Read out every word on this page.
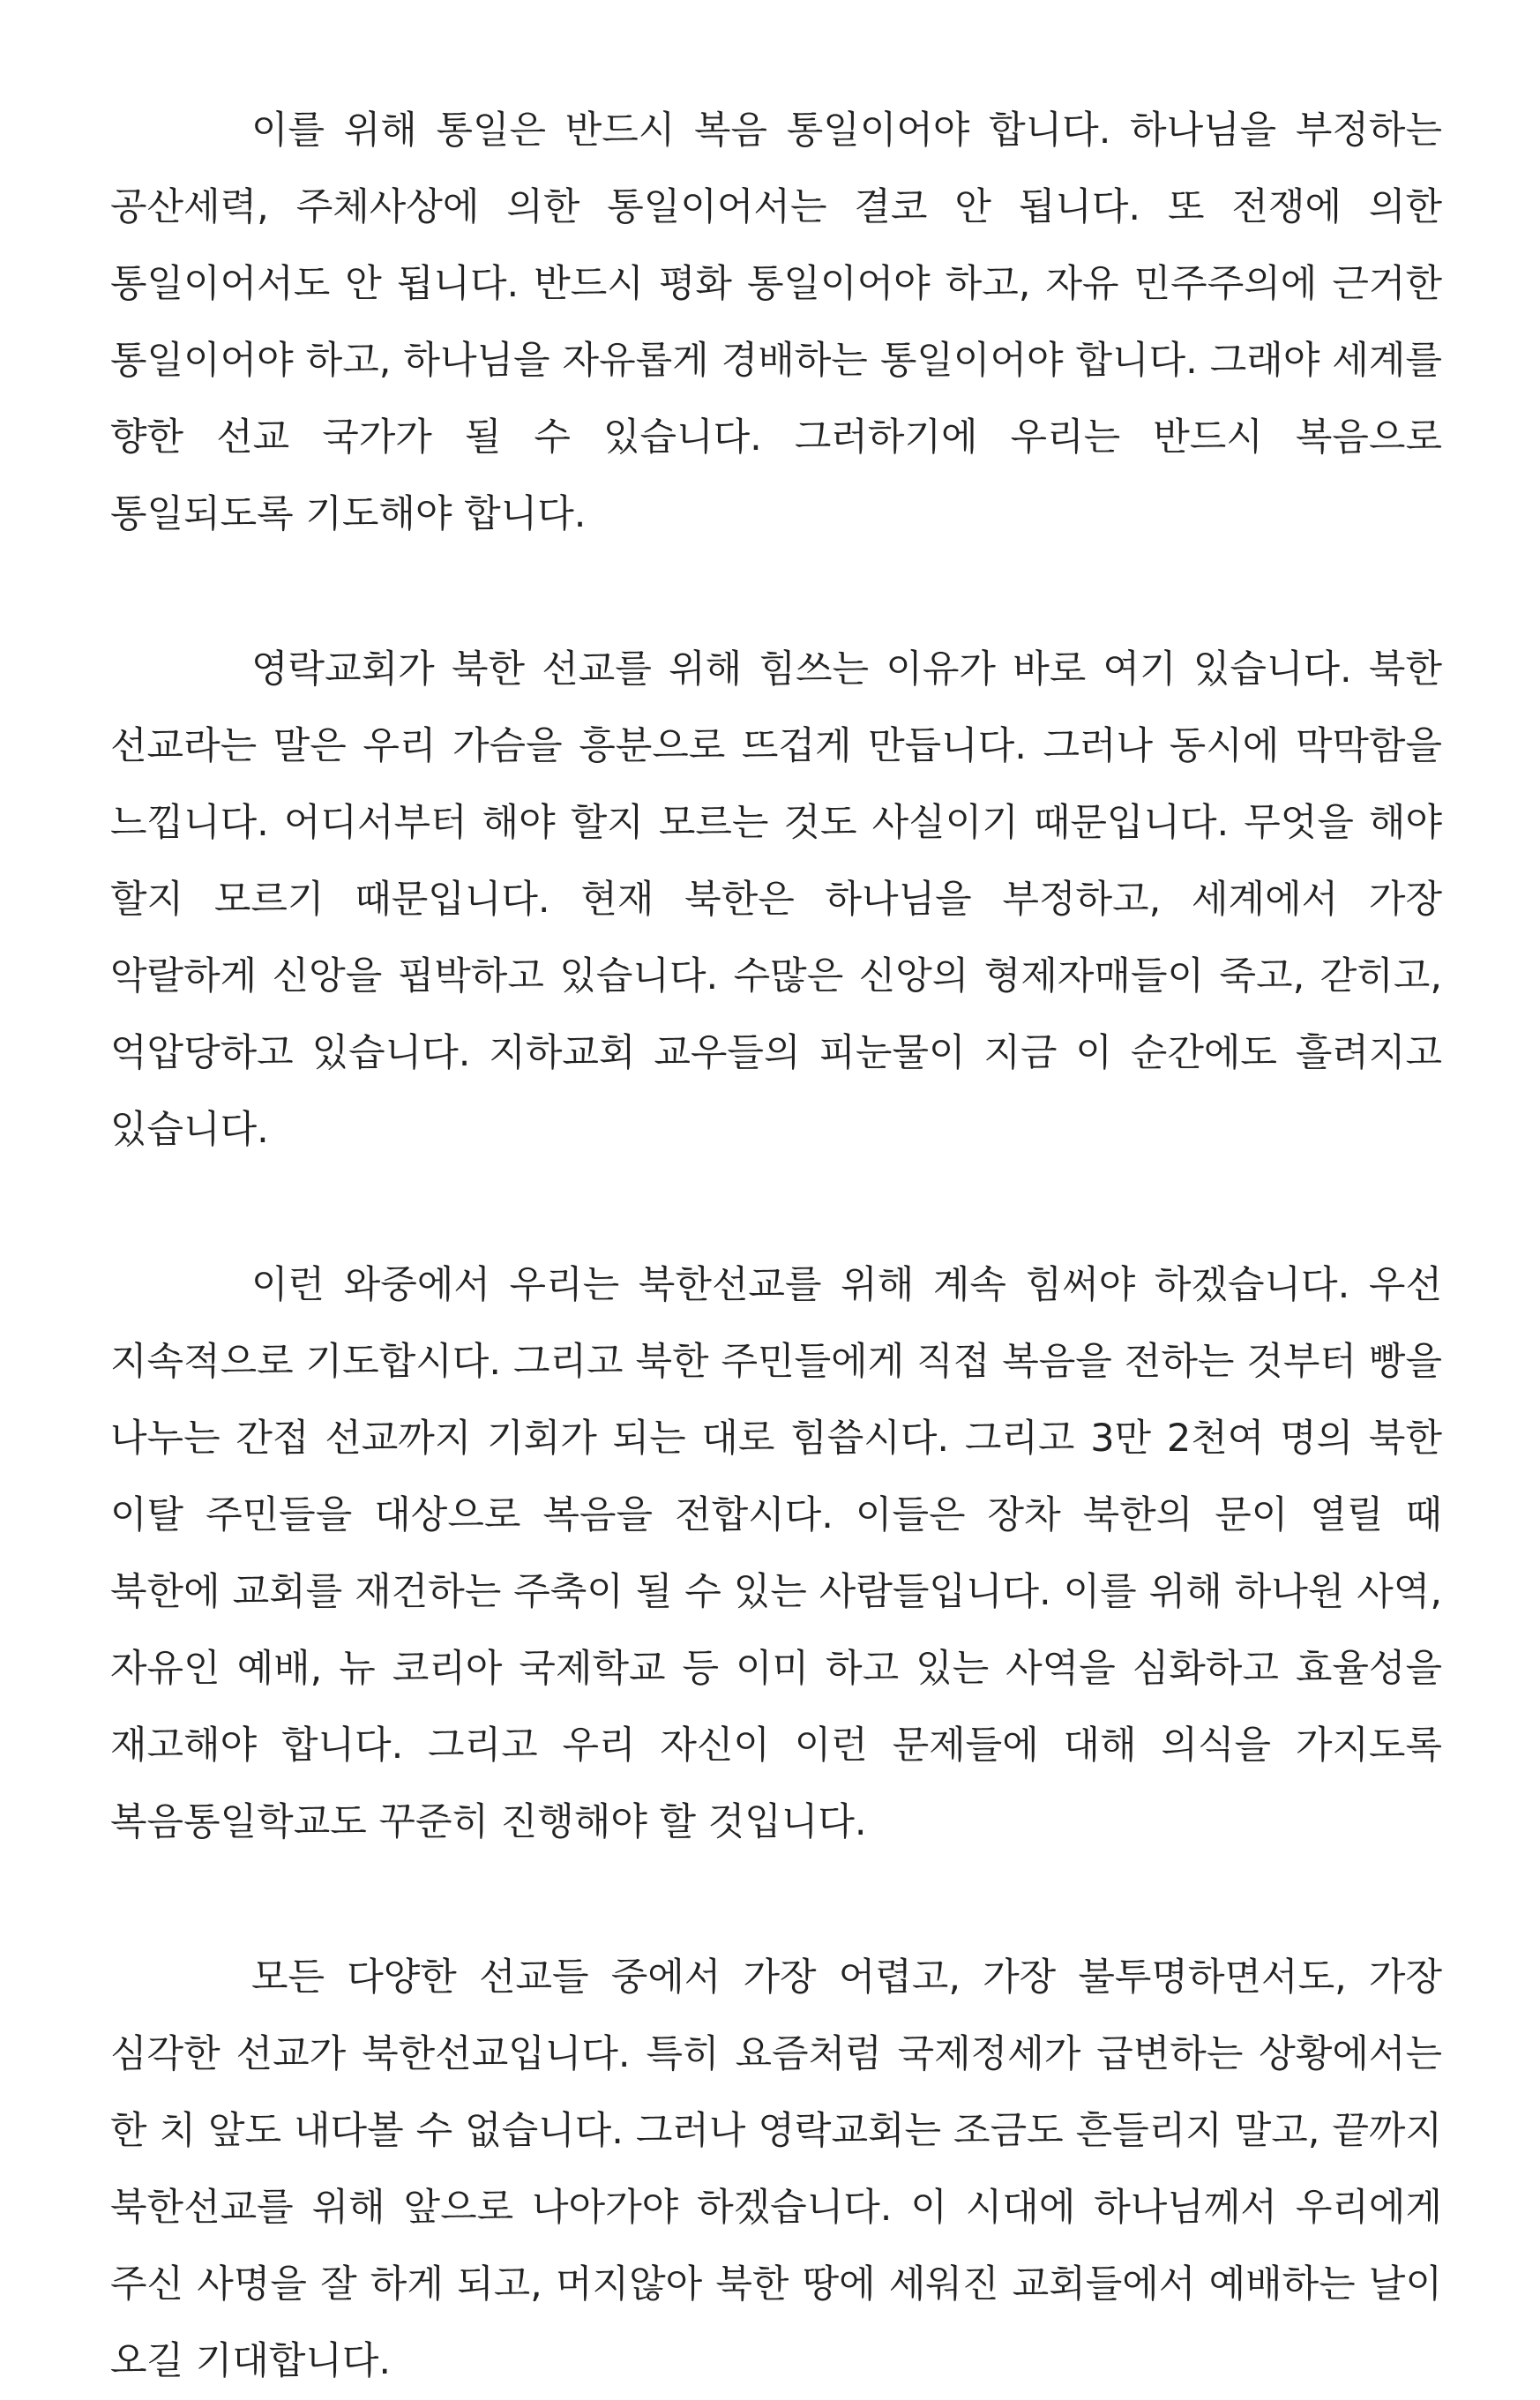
이를 위해 통일은 반드시 복음 통일이어야 합니다. 하나님을 부정하는 공산세력, 주체사상에 의한 통일이어서는 결코 안 됩니다. 또 전쟁에 의한 통일이어서도 안 됩니다. 반드시 평화 통일이어야 하고, 자유 민주주의에 근거한 통일이어야 하고, 하나님을 자유롭게 경배하는 통일이어야 합니다. 그래야 세계를 향한 선교 국가가 될 수 있습니다. 그러하기에 우리는 반드시 복음으로 통일되도록 기도해야 합니다.

영락교회가 북한 선교를 위해 힘쓰는 이유가 바로 여기 있습니다. 북한 선교라는 말은 우리 가슴을 흥분으로 뜨겁게 만듭니다. 그러나 동시에 막막함을 느낍니다. 어디서부터 해야 할지 모르는 것도 사실이기 때문입니다. 무엇을 해야 할지 모르기 때문입니다. 현재 북한은 하나님을 부정하고, 세계에서 가장 악랄하게 신앙을 핍박하고 있습니다. 수많은 신앙의 형제자매들이 죽고, 갇히고, 억압당하고 있습니다. 지하교회 교우들의 피눈물이 지금 이 순간에도 흘려지고 있습니다.

이런 와중에서 우리는 북한선교를 위해 계속 힘써야 하겠습니다. 우선 지속적으로 기도합시다. 그리고 북한 주민들에게 직접 복음을 전하는 것부터 빵을 나누는 간접 선교까지 기회가 되는 대로 힘씁시다. 그리고 3만 2천여 명의 북한 이탈 주민들을 대상으로 복음을 전합시다. 이들은 장차 북한의 문이 열릴 때 북한에 교회를 재건하는 주축이 될 수 있는 사람들입니다. 이를 위해 하나원 사역, 자유인 예배, 뉴 코리아 국제학교 등 이미 하고 있는 사역을 심화하고 효율성을 재고해야 합니다. 그리고 우리 자신이 이런 문제들에 대해 의식을 가지도록 복음통일학교도 꾸준히 진행해야 할 것입니다.

모든 다양한 선교들 중에서 가장 어렵고, 가장 불투명하면서도, 가장 심각한 선교가 북한선교입니다. 특히 요즘처럼 국제정세가 급변하는 상황에서는 한 치 앞도 내다볼 수 없습니다. 그러나 영락교회는 조금도 흔들리지 말고, 끝까지 북한선교를 위해 앞으로 나아가야 하겠습니다. 이 시대에 하나님께서 우리에게 주신 사명을 잘 하게 되고, 머지않아 북한 땅에 세워진 교회들에서 예배하는 날이 오길 기대합니다.
